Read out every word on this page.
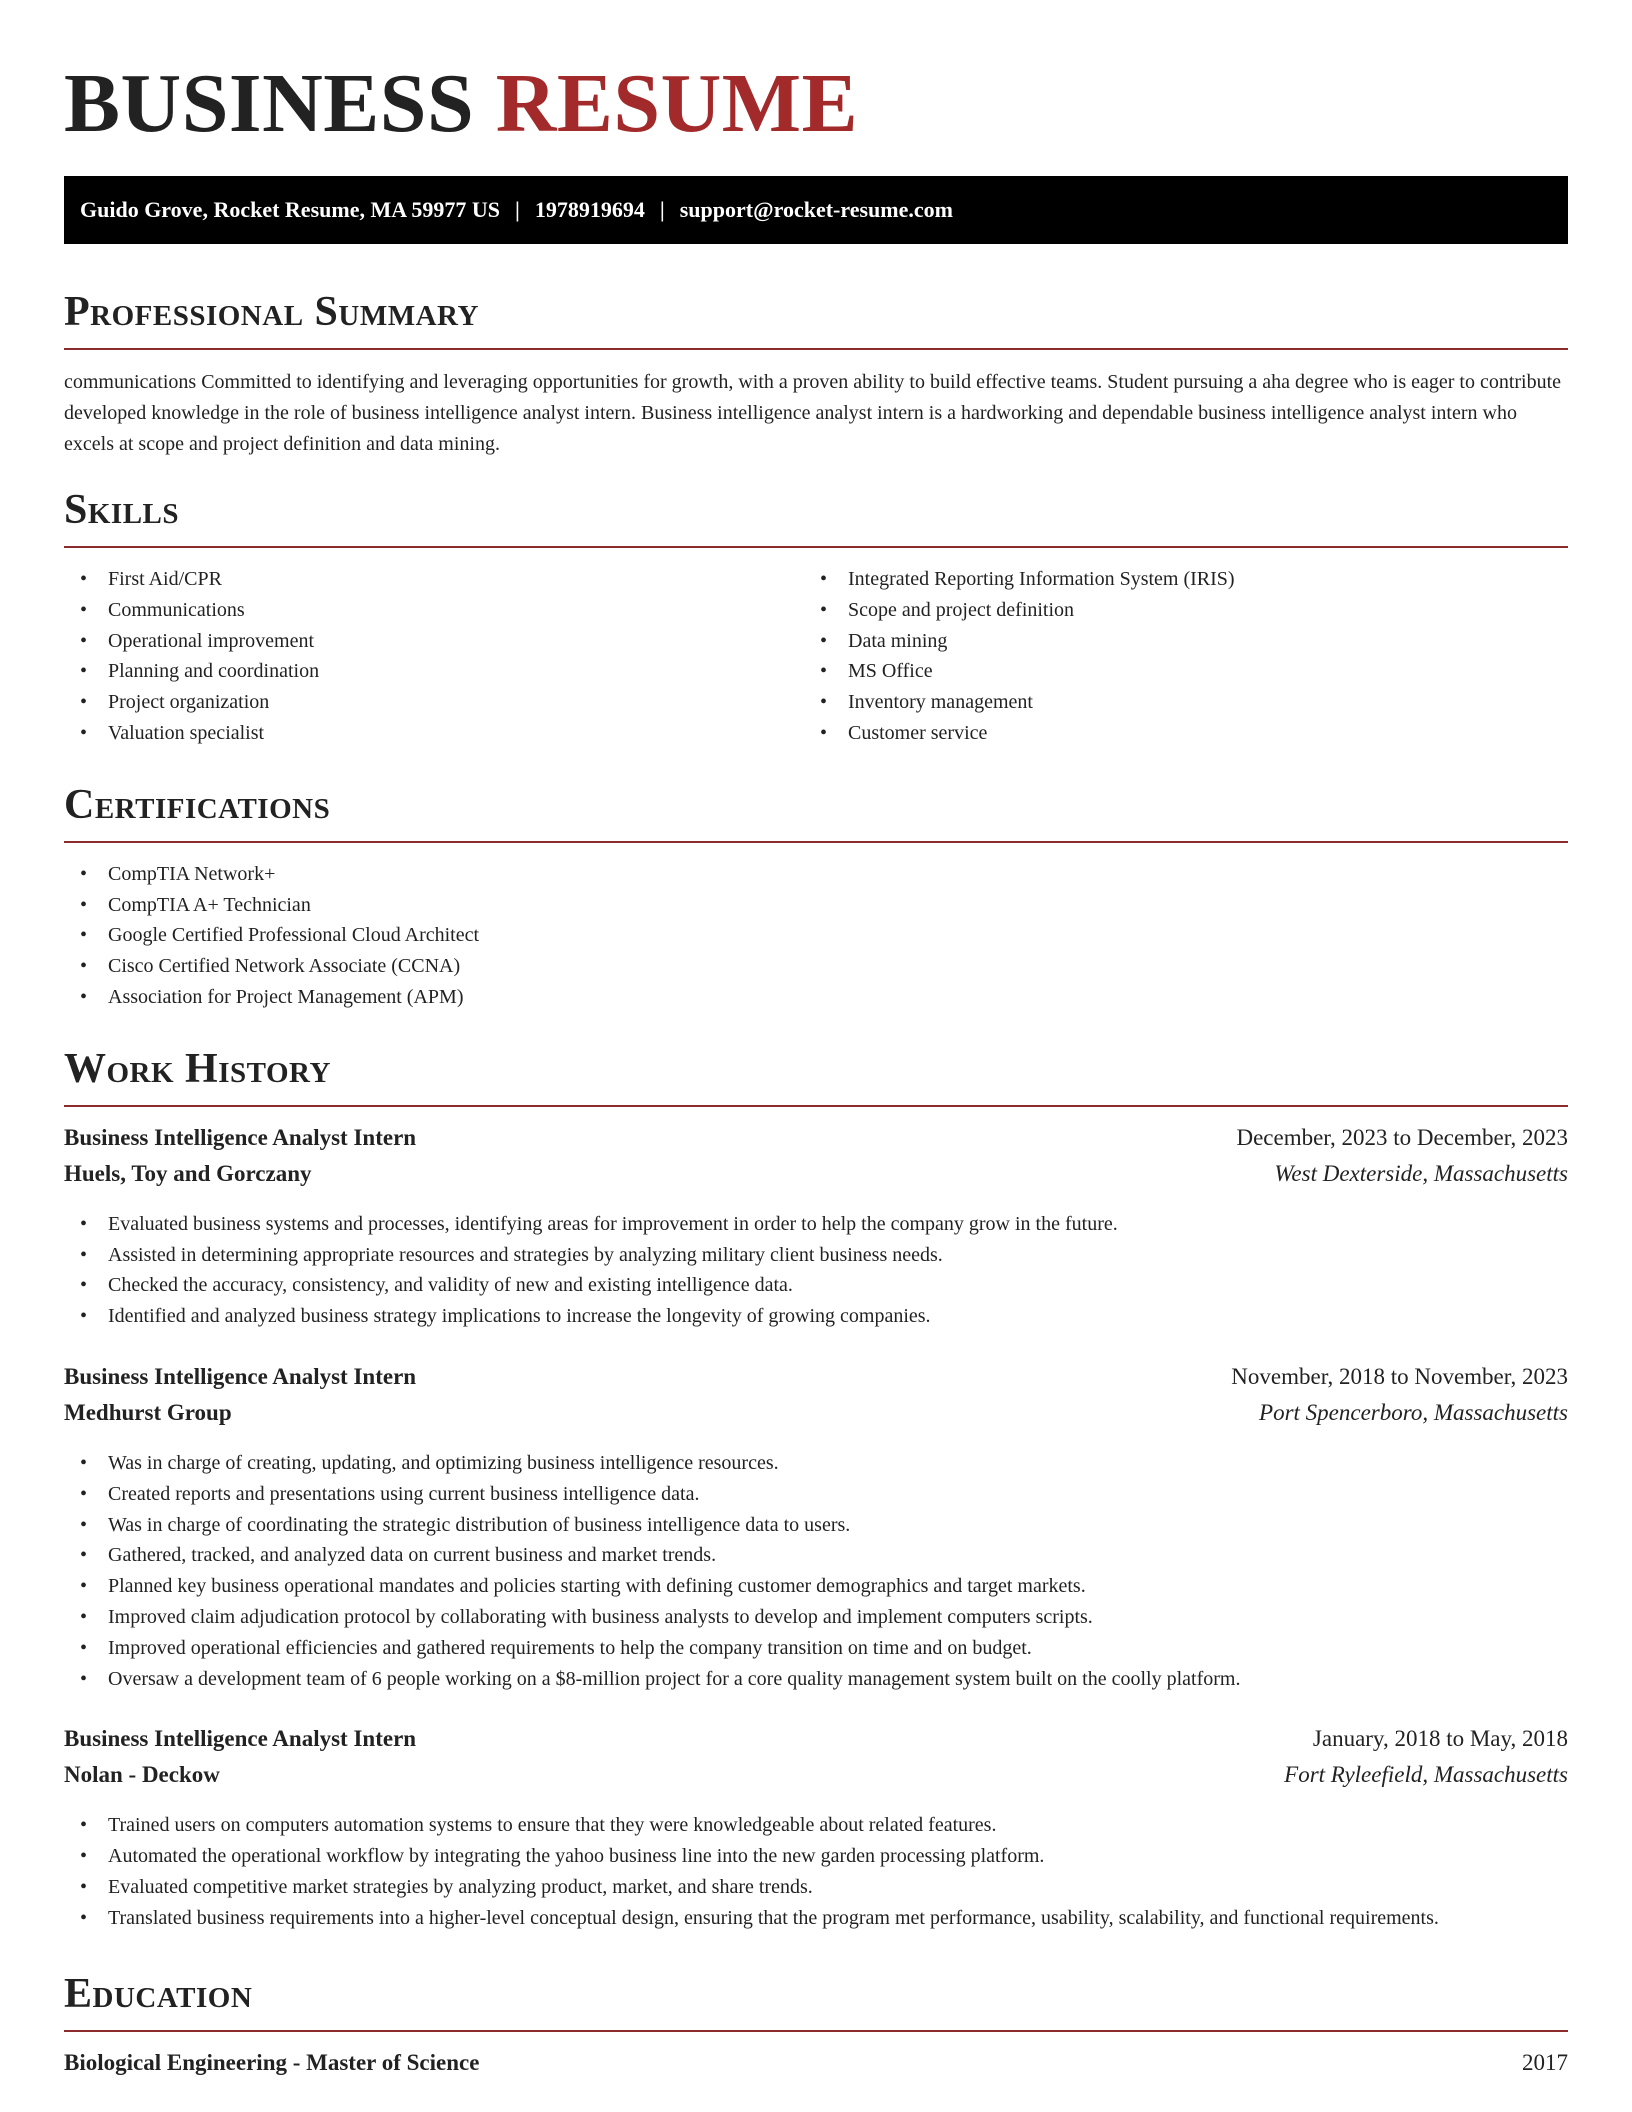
BUSINESS RESUME
Guido Grove, Rocket Resume, MA 59977 US | 1978919694 | support@rocket-resume.com
Professional Summary

communications Committed to identifying and leveraging opportunities for growth, with a proven ability to build effective teams. Student pursuing a aha degree who is eager to contribute developed knowledge in the role of business intelligence analyst intern. Business intelligence analyst intern is a hardworking and dependable business intelligence analyst intern who excels at scope and project definition and data mining.

Skills
• First Aid/CPR
• Communications
• Operational improvement
• Planning and coordination
• Project organization
• Valuation specialist
• Integrated Reporting Information System (IRIS)
• Scope and project definition
• Data mining
• MS Office
• Inventory management
• Customer service
Certifications
• CompTIA Network+
• CompTIA A+ Technician
• Google Certified Professional Cloud Architect
• Cisco Certified Network Associate (CCNA)
• Association for Project Management (APM)
Work History
Business Intelligence Analyst Intern	December, 2023 to December, 2023
Huels, Toy and Gorczany	West Dexterside, Massachusetts
• Evaluated business systems and processes, identifying areas for improvement in order to help the company grow in the future.
• Assisted in determining appropriate resources and strategies by analyzing military client business needs.
• Checked the accuracy, consistency, and validity of new and existing intelligence data.
• Identified and analyzed business strategy implications to increase the longevity of growing companies.
Business Intelligence Analyst Intern	November, 2018 to November, 2023
Medhurst Group	Port Spencerboro, Massachusetts
• Was in charge of creating, updating, and optimizing business intelligence resources.
• Created reports and presentations using current business intelligence data.
• Was in charge of coordinating the strategic distribution of business intelligence data to users.
• Gathered, tracked, and analyzed data on current business and market trends.
• Planned key business operational mandates and policies starting with defining customer demographics and target markets.
• Improved claim adjudication protocol by collaborating with business analysts to develop and implement computers scripts.
• Improved operational efficiencies and gathered requirements to help the company transition on time and on budget.
• Oversaw a development team of 6 people working on a $8-million project for a core quality management system built on the coolly platform.
Business Intelligence Analyst Intern	January, 2018 to May, 2018
Nolan - Deckow	Fort Ryleefield, Massachusetts
• Trained users on computers automation systems to ensure that they were knowledgeable about related features.
• Automated the operational workflow by integrating the yahoo business line into the new garden processing platform.
• Evaluated competitive market strategies by analyzing product, market, and share trends.
• Translated business requirements into a higher-level conceptual design, ensuring that the program met performance, usability, scalability, and functional requirements.
Education
Biological Engineering - Master of Science	2017
